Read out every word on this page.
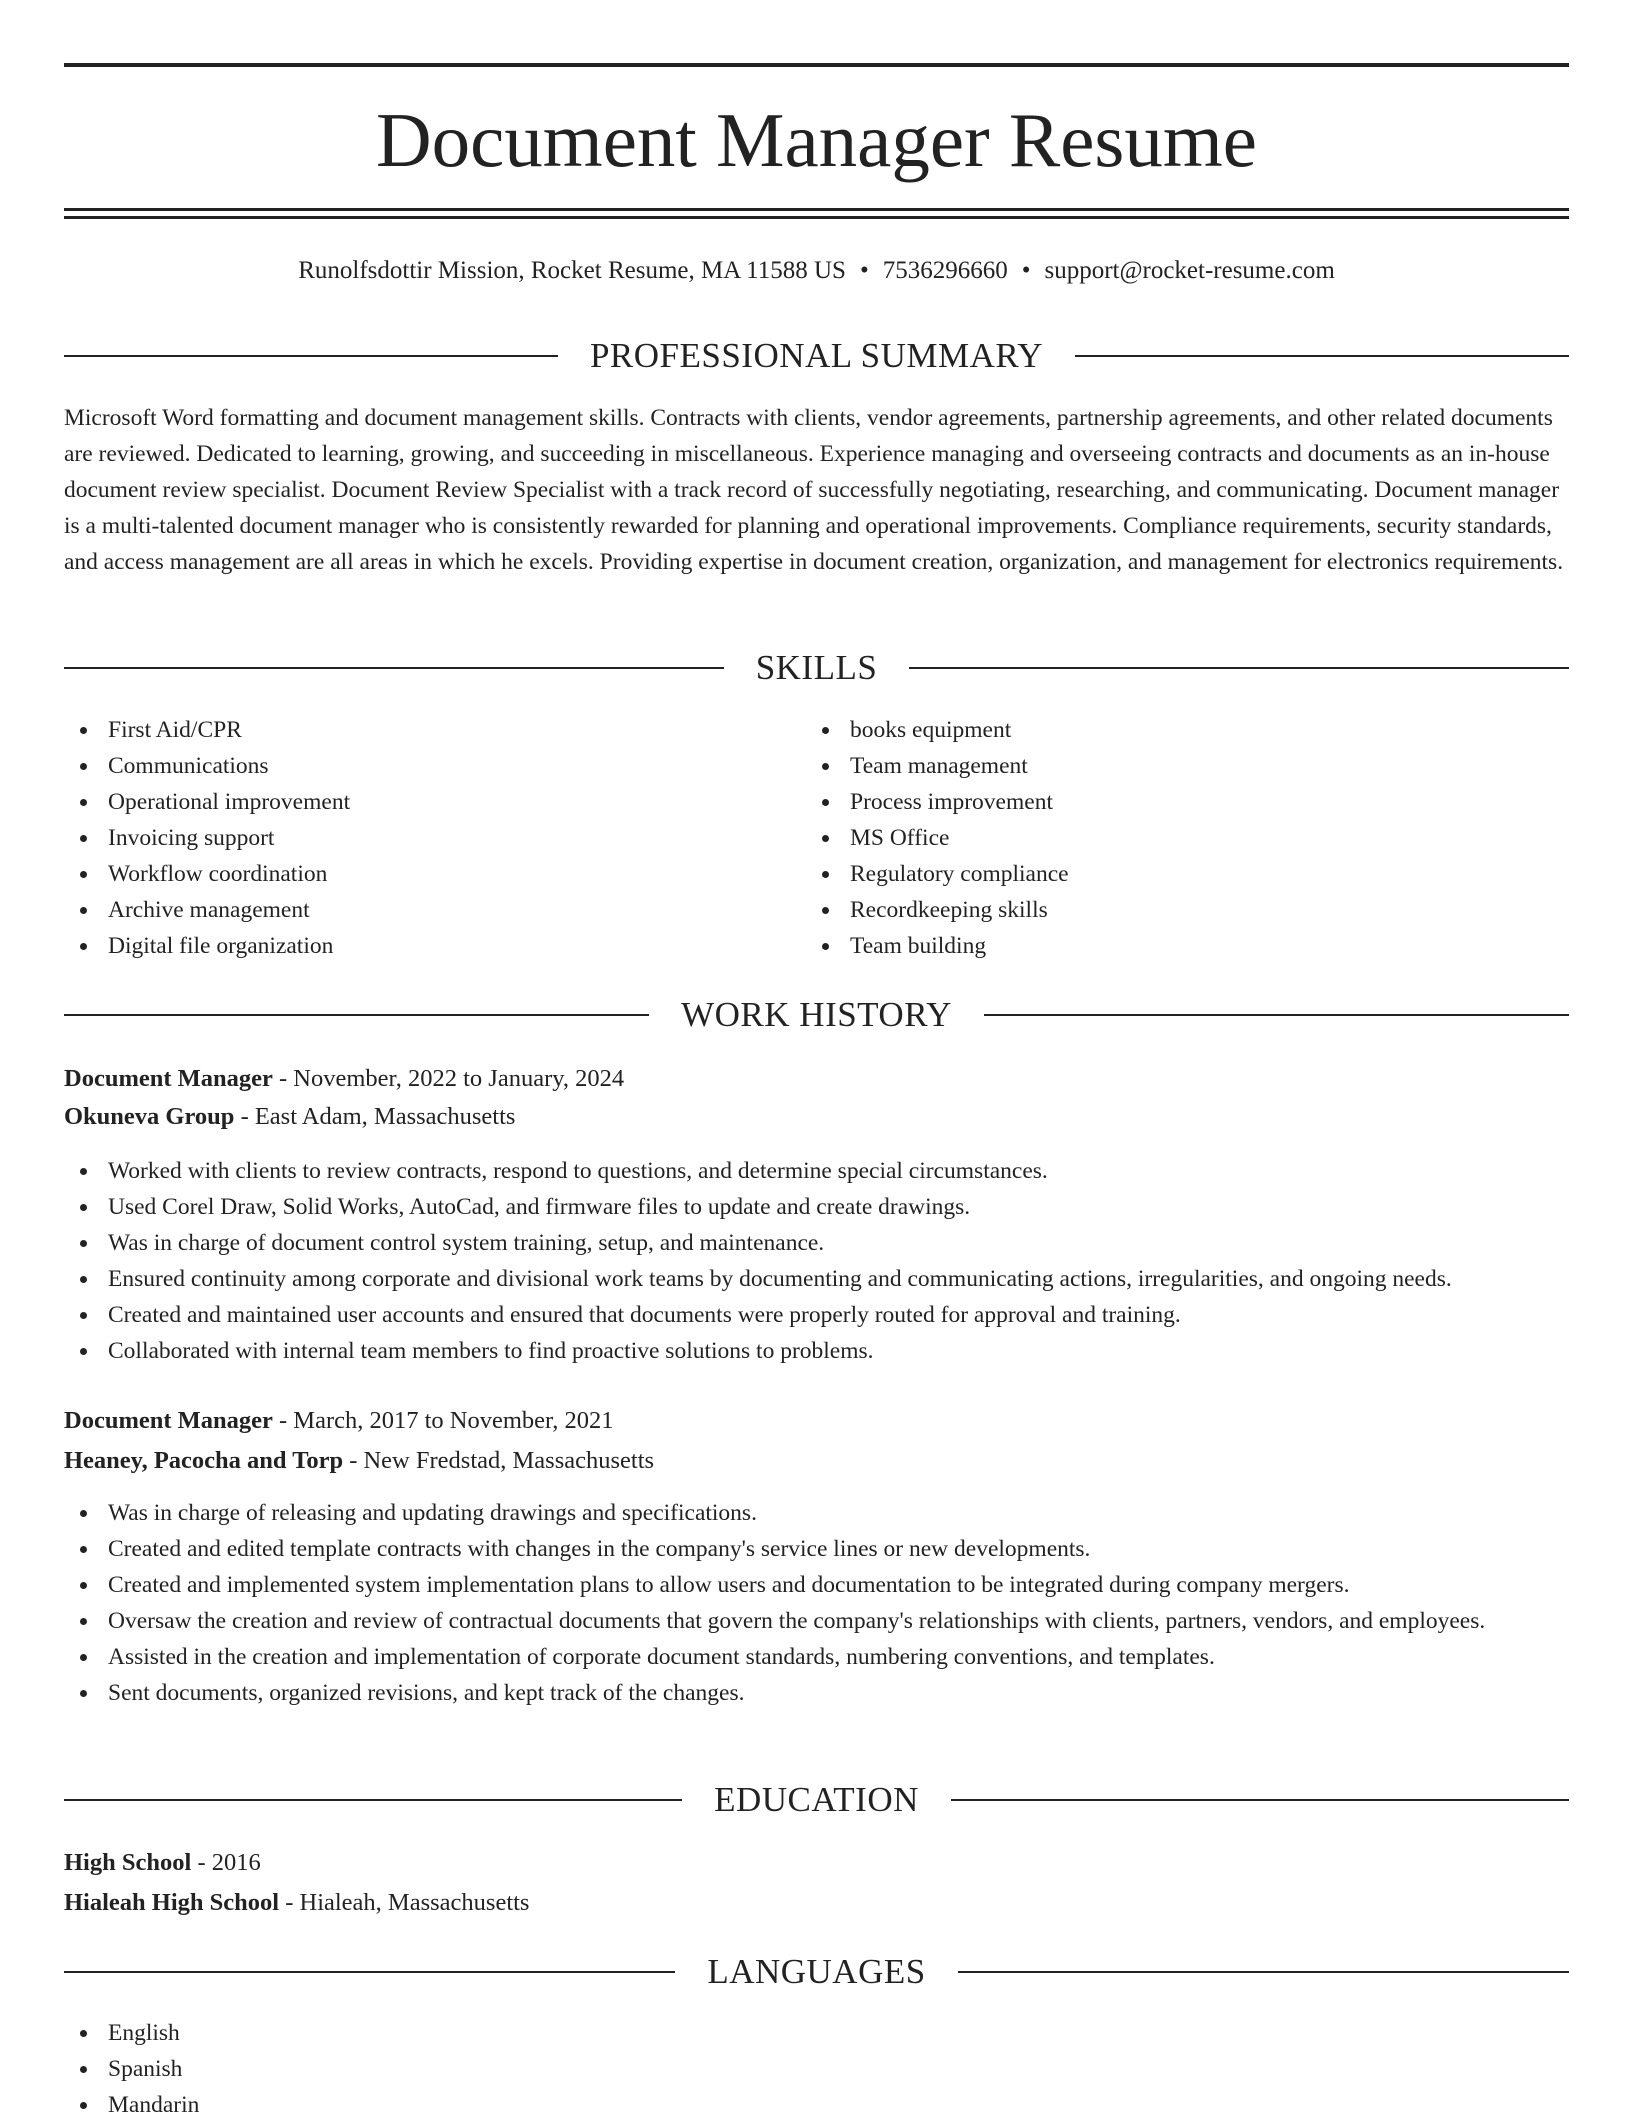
Document Manager Resume
Runolfsdottir Mission, Rocket Resume, MA 11588 US • 7536296660 • support@rocket-resume.com
PROFESSIONAL SUMMARY

Microsoft Word formatting and document management skills. Contracts with clients, vendor agreements, partnership agreements, and other related documents are reviewed. Dedicated to learning, growing, and succeeding in miscellaneous. Experience managing and overseeing contracts and documents as an in-house document review specialist. Document Review Specialist with a track record of successfully negotiating, researching, and communicating. Document manager is a multi-talented document manager who is consistently rewarded for planning and operational improvements. Compliance requirements, security standards, and access management are all areas in which he excels. Providing expertise in document creation, organization, and management for electronics requirements.

SKILLS
First Aid/CPR
Communications
Operational improvement
Invoicing support
Workflow coordination
Archive management
Digital file organization
books equipment
Team management
Process improvement
MS Office
Regulatory compliance
Recordkeeping skills
Team building
WORK HISTORY
Document Manager - November, 2022 to January, 2024
Okuneva Group - East Adam, Massachusetts
Worked with clients to review contracts, respond to questions, and determine special circumstances.
Used Corel Draw, Solid Works, AutoCad, and firmware files to update and create drawings.
Was in charge of document control system training, setup, and maintenance.
Ensured continuity among corporate and divisional work teams by documenting and communicating actions, irregularities, and ongoing needs.
Created and maintained user accounts and ensured that documents were properly routed for approval and training.
Collaborated with internal team members to find proactive solutions to problems.
Document Manager - March, 2017 to November, 2021
Heaney, Pacocha and Torp - New Fredstad, Massachusetts
Was in charge of releasing and updating drawings and specifications.
Created and edited template contracts with changes in the company's service lines or new developments.
Created and implemented system implementation plans to allow users and documentation to be integrated during company mergers.
Oversaw the creation and review of contractual documents that govern the company's relationships with clients, partners, vendors, and employees.
Assisted in the creation and implementation of corporate document standards, numbering conventions, and templates.
Sent documents, organized revisions, and kept track of the changes.
EDUCATION
High School - 2016
Hialeah High School - Hialeah, Massachusetts
LANGUAGES
English
Spanish
Mandarin
